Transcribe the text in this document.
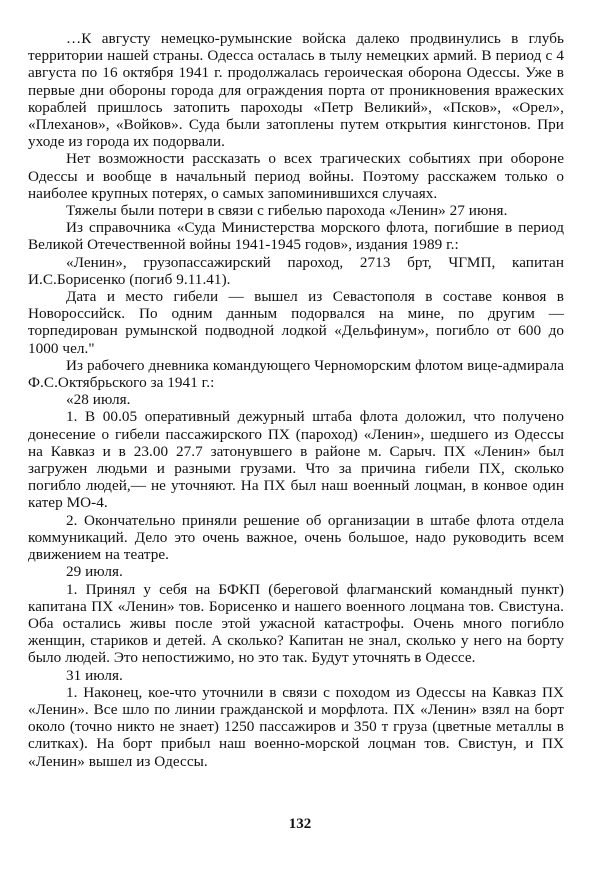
…К августу немецко-румынские войска далеко продвинулись в глубь территории нашей страны. Одесса осталась в тылу немецких армий. В период с 4 августа по 16 октября 1941 г. продолжалась героическая оборона Одессы. Уже в первые дни обороны города для ограждения порта от проникновения вражеских кораблей пришлось затопить пароходы «Петр Великий», «Псков», «Орел», «Плеханов», «Войков». Суда были затоплены путем открытия кингстонов. При уходе из города их подорвали.

Нет возможности рассказать о всех трагических событиях при обороне Одессы и вообще в начальный период войны. Поэтому расскажем только о наиболее крупных потерях, о самых запоминившихся случаях.

Тяжелы были потери в связи с гибелью парохода «Ленин» 27 июня.

Из справочника «Суда Министерства морского флота, погибшие в период Великой Отечественной войны 1941-1945 годов», издания 1989 г.:

«Ленин», грузопассажирский пароход, 2713 брт, ЧГМП, капитан И.С.Борисенко (погиб 9.11.41).

Дата и место гибели — вышел из Севастополя в составе конвоя в Новороссийск. По одним данным подорвался на мине, по другим — торпедирован румынской подводной лодкой «Дельфинум», погибло от 600 до 1000 чел."

Из рабочего дневника командующего Черноморским флотом вице-адмирала Ф.С.Октябрьского за 1941 г.:

«28 июля.

1. В 00.05 оперативный дежурный штаба флота доложил, что получено донесение о гибели пассажирского ПХ (пароход) «Ленин», шедшего из Одессы на Кавказ и в 23.00 27.7 затонувшего в районе м. Сарыч. ПХ «Ленин» был загружен людьми и разными грузами. Что за причина гибели ПХ, сколько погибло людей,— не уточняют. На ПХ был наш военный лоцман, в конвое один катер МО-4.

2. Окончательно приняли решение об организации в штабе флота отдела коммуникаций. Дело это очень важное, очень большое, надо руководить всем движением на театре.

29 июля.

1. Принял у себя на БФКП (береговой флагманский командный пункт) капитана ПХ «Ленин» тов. Борисенко и нашего военного лоцмана тов. Свистуна. Оба остались живы после этой ужасной катастрофы. Очень много погибло женщин, стариков и детей. А сколько? Капитан не знал, сколько у него на борту было людей. Это непостижимо, но это так. Будут уточнять в Одессе.

31 июля.

1. Наконец, кое-что уточнили в связи с походом из Одессы на Кавказ ПХ «Ленин». Все шло по линии гражданской и морфлота. ПХ «Ленин» взял на борт около (точно никто не знает) 1250 пассажиров и 350 т груза (цветные металлы в слитках). На борт прибыл наш военно-морской лоцман тов. Свистун, и ПХ «Ленин» вышел из Одессы.

132
